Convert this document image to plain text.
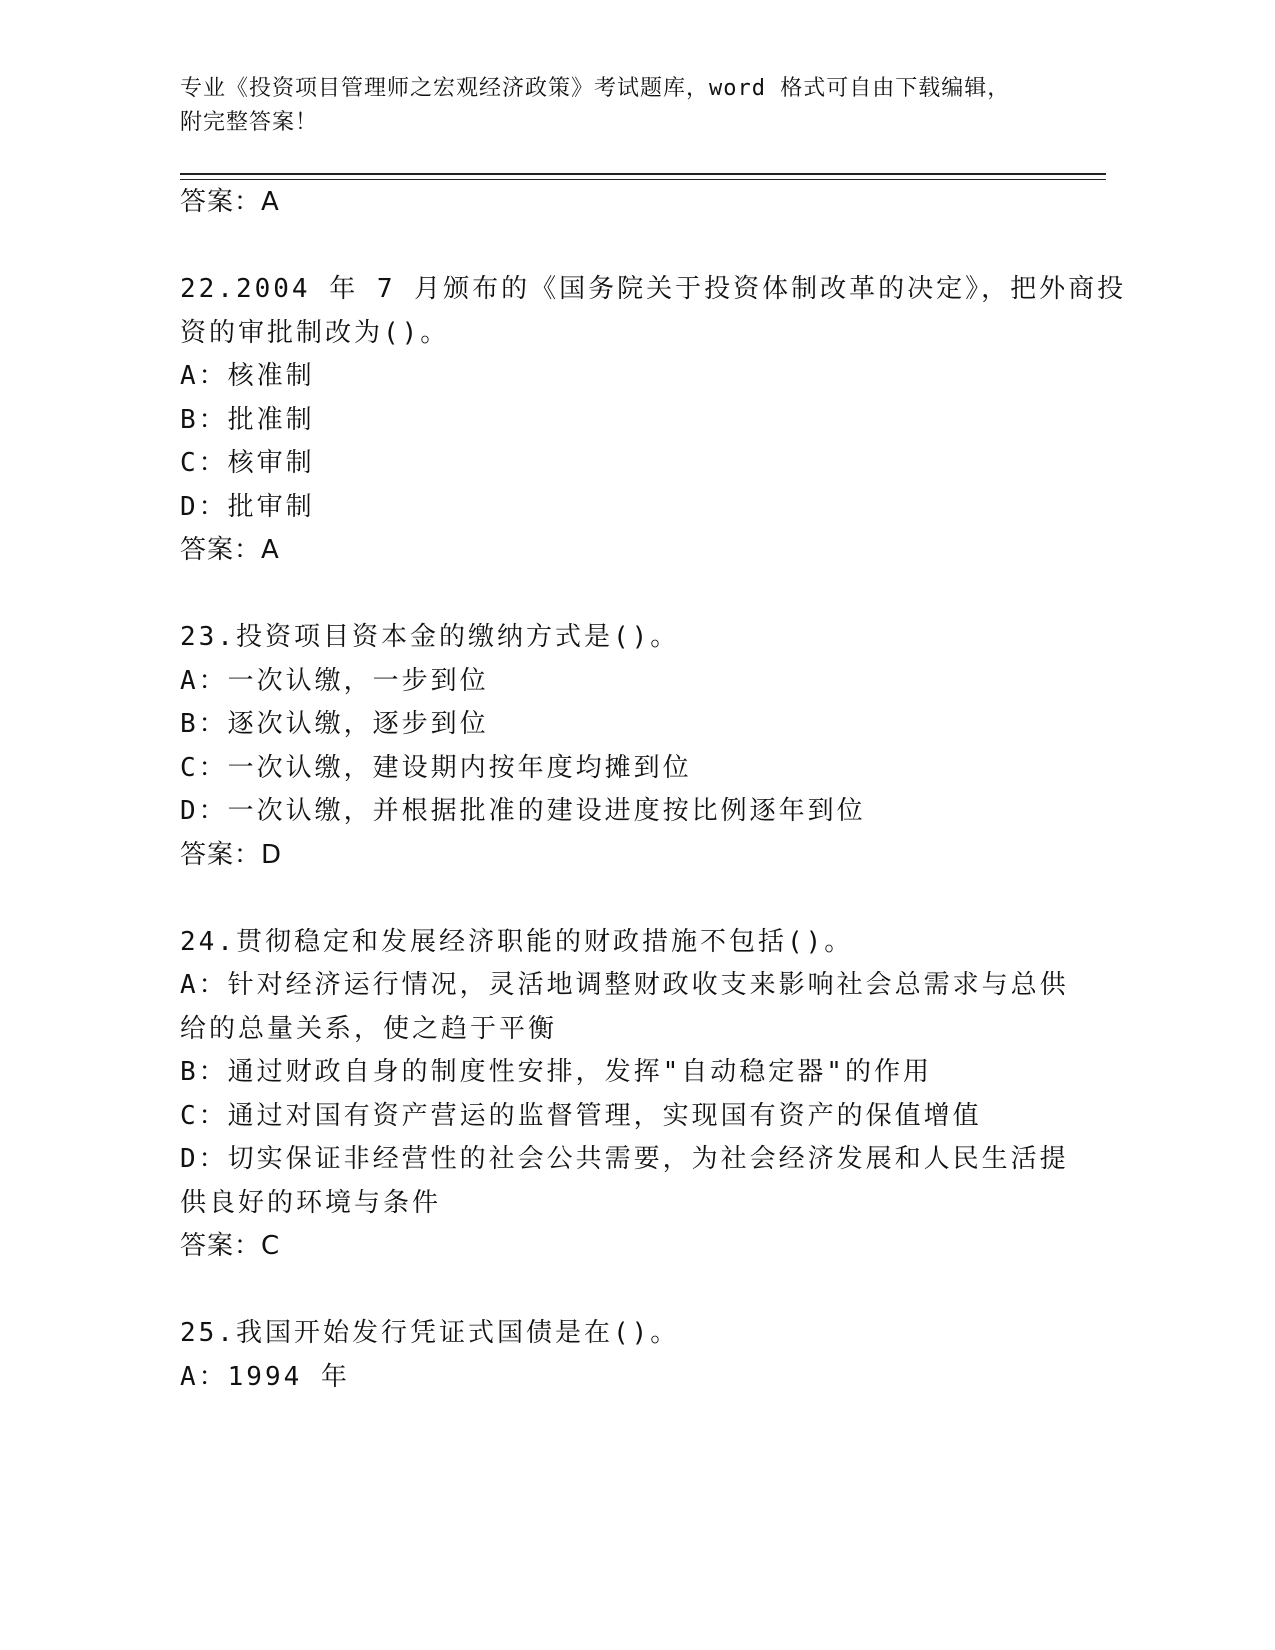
专业《投资项目管理师之宏观经济政策》考试题库，word 格式可自由下载编辑，
附完整答案！
答案：A
22.2004 年 7 月颁布的《国务院关于投资体制改革的决定》，把外商投
资的审批制改为()。
A：核准制
B：批准制
C：核审制
D：批审制
答案：A
23.投资项目资本金的缴纳方式是()。
A：一次认缴，一步到位
B：逐次认缴，逐步到位
C：一次认缴，建设期内按年度均摊到位
D：一次认缴，并根据批准的建设进度按比例逐年到位
答案：D
24.贯彻稳定和发展经济职能的财政措施不包括()。
A：针对经济运行情况，灵活地调整财政收支来影响社会总需求与总供
给的总量关系，使之趋于平衡
B：通过财政自身的制度性安排，发挥"自动稳定器"的作用
C：通过对国有资产营运的监督管理，实现国有资产的保值增值
D：切实保证非经营性的社会公共需要，为社会经济发展和人民生活提
供良好的环境与条件
答案：C
25.我国开始发行凭证式国债是在()。
A：1994 年
